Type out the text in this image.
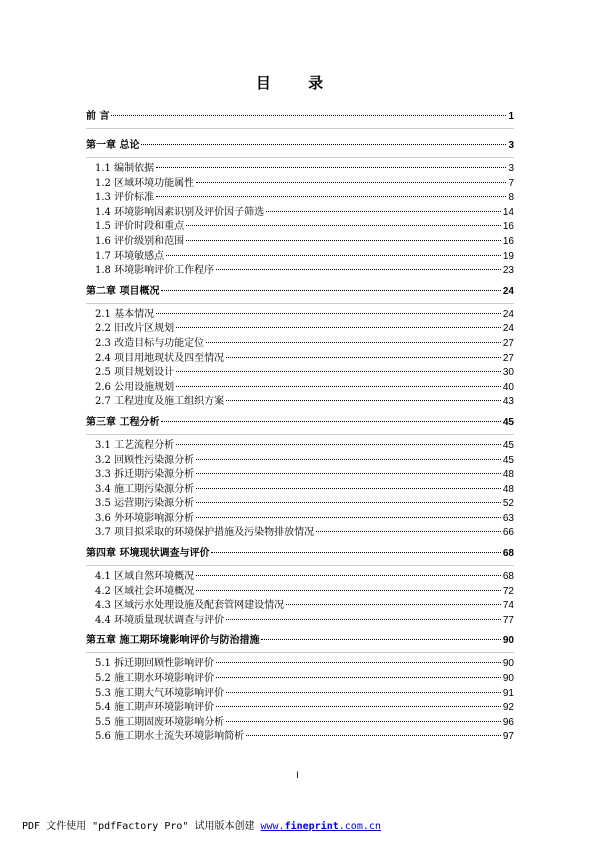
目 录
前 言	1
第一章 总论	3
1.1 编制依据	3
1.2 区域环境功能属性	7
1.3 评价标准	8
1.4 环境影响因素识别及评价因子筛选	14
1.5 评价时段和重点	16
1.6 评价级别和范围	16
1.7 环境敏感点	19
1.8 环境影响评价工作程序	23
第二章 项目概况	24
2.1 基本情况	24
2.2 旧改片区规划	24
2.3 改造目标与功能定位	27
2.4 项目用地现状及四至情况	27
2.5 项目规划设计	30
2.6 公用设施规划	40
2.7 工程进度及施工组织方案	43
第三章 工程分析	45
3.1 工艺流程分析	45
3.2 回顾性污染源分析	45
3.3 拆迁期污染源分析	48
3.4 施工期污染源分析	48
3.5 运营期污染源分析	52
3.6 外环境影响源分析	63
3.7 项目拟采取的环境保护措施及污染物排放情况	66
第四章 环境现状调查与评价	68
4.1 区域自然环境概况	68
4.2 区域社会环境概况	72
4.3 区域污水处理设施及配套管网建设情况	74
4.4 环境质量现状调查与评价	77
第五章 施工期环境影响评价与防治措施	90
5.1 拆迁期回顾性影响评价	90
5.2 施工期水环境影响评价	90
5.3 施工期大气环境影响评价	91
5.4 施工期声环境影响评价	92
5.5 施工期固废环境影响分析	96
5.6 施工期水土流失环境影响简析	97
I
PDF 文件使用 "pdfFactory Pro" 试用版本创建 www.fineprint.com.cn
